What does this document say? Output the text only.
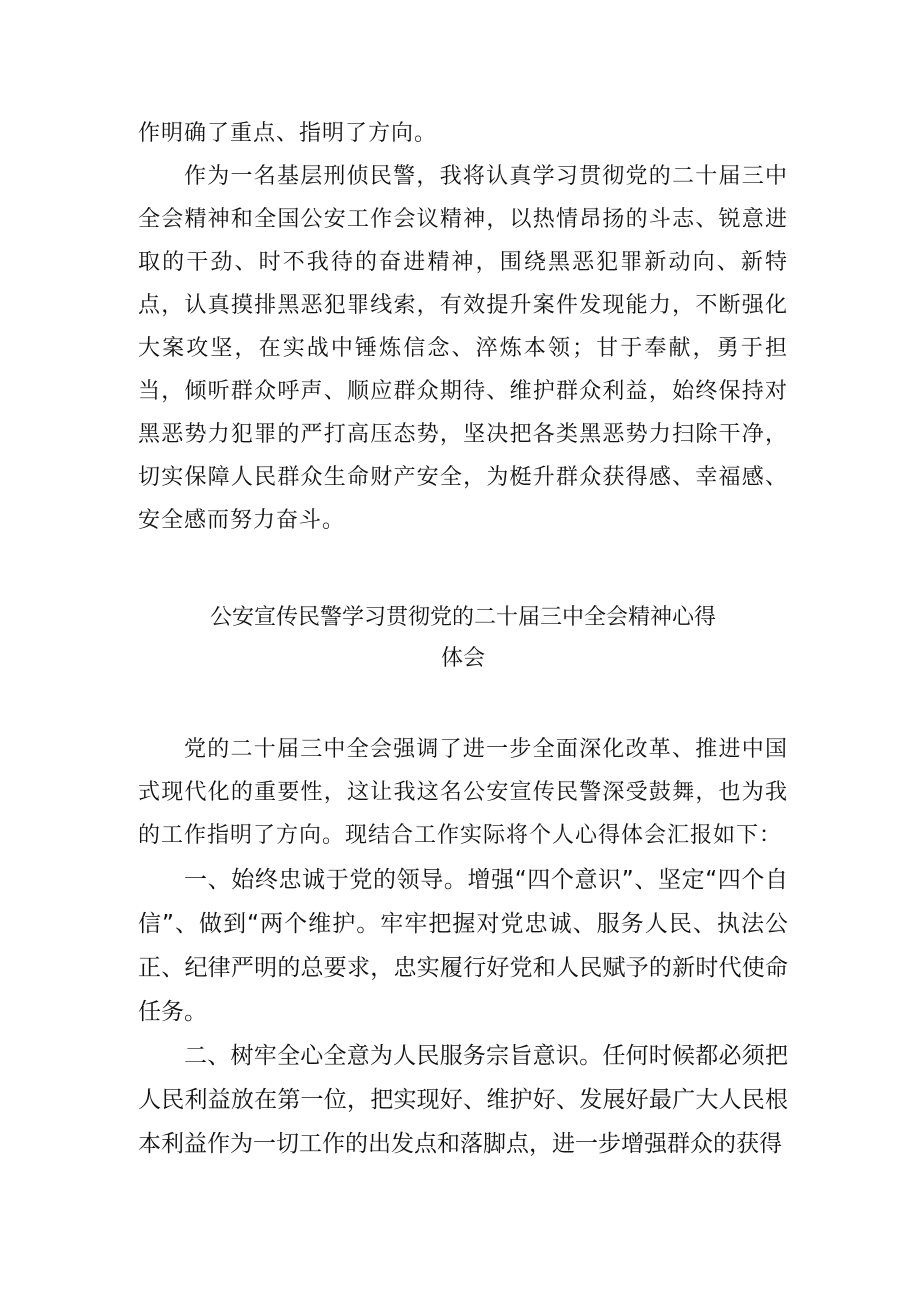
作明确了重点、指明了方向。

作为一名基层刑侦民警，我将认真学习贯彻党的二十届三中全会精神和全国公安工作会议精神，以热情昂扬的斗志、锐意进取的干劲、时不我待的奋进精神，围绕黑恶犯罪新动向、新特点，认真摸排黑恶犯罪线索，有效提升案件发现能力，不断强化大案攻坚，在实战中锤炼信念、淬炼本领；甘于奉献，勇于担当，倾听群众呼声、顺应群众期待、维护群众利益，始终保持对黑恶势力犯罪的严打高压态势，坚决把各类黑恶势力扫除干净，切实保障人民群众生命财产安全，为梃升群众获得感、幸福感、安全感而努力奋斗。

公安宣传民警学习贯彻党的二十届三中全会精神心得
体会

党的二十届三中全会强调了进一步全面深化改革、推进中国式现代化的重要性，这让我这名公安宣传民警深受鼓舞，也为我的工作指明了方向。现结合工作实际将个人心得体会汇报如下：

一、始终忠诚于党的领导。增强“四个意识”、坚定“四个自信”、做到“两个维护。牢牢把握对党忠诚、服务人民、执法公正、纪律严明的总要求，忠实履行好党和人民赋予的新时代使命任务。

二、树牢全心全意为人民服务宗旨意识。任何时候都必须把人民利益放在第一位，把实现好、维护好、发展好最广大人民根本利益作为一切工作的出发点和落脚点，进一步增强群众的获得
